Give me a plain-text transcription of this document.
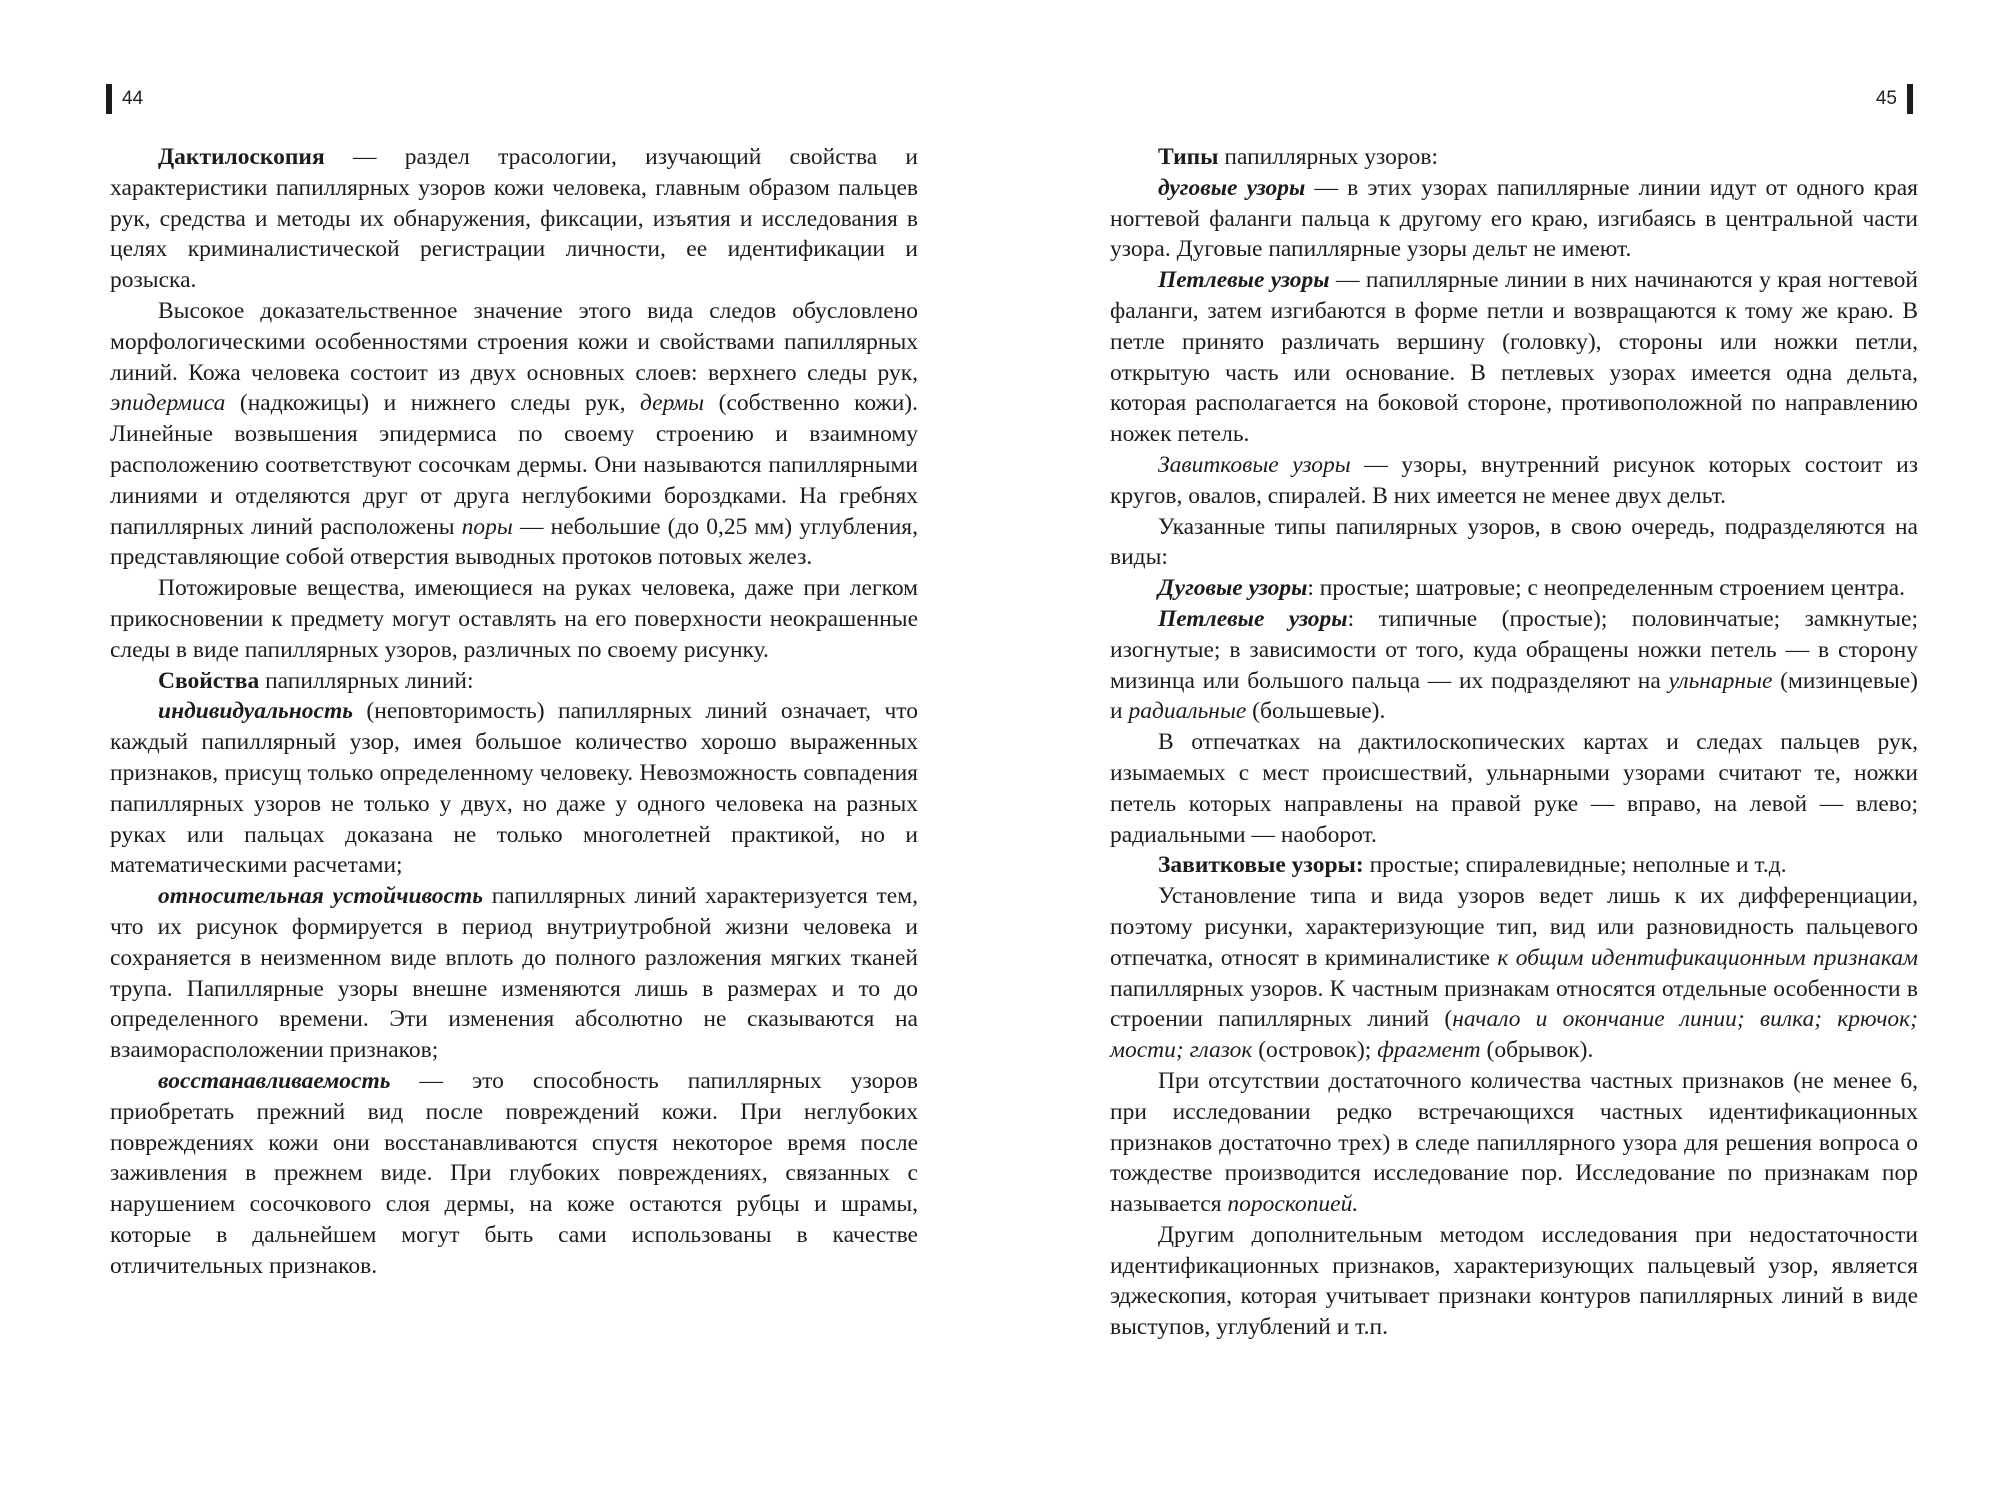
44

Дактилоскопия — раздел трасологии, изучающий свойства и характеристики папиллярных узоров кожи человека, главным образом пальцев рук, средства и методы их обнаружения, фиксации, изъятия и исследования в целях криминалистической регистрации личности, ее идентификации и розыска.

Высокое доказательственное значение этого вида следов обусловлено морфологическими особенностями строения кожи и свойствами папиллярных линий. Кожа человека состоит из двух основных слоев: верхнего следы рук, эпидермиса (надкожицы) и нижнего следы рук, дермы (собственно кожи). Линейные возвышения эпидермиса по своему строению и взаимному расположению соответствуют сосочкам дермы. Они называются папиллярными линиями и отделяются друг от друга неглубокими бороздками. На гребнях папиллярных линий расположены поры — небольшие (до 0,25 мм) углубления, представляющие собой отверстия выводных протоков потовых желез.

Потожировые вещества, имеющиеся на руках человека, даже при легком прикосновении к предмету могут оставлять на его поверхности неокрашенные следы в виде папиллярных узоров, различных по своему рисунку.

Свойства папиллярных линий:

индивидуальность (неповторимость) папиллярных линий означает, что каждый папиллярный узор, имея большое количество хорошо выраженных признаков, присущ только определенному человеку. Невозможность совпадения папиллярных узоров не только у двух, но даже у одного человека на разных руках или пальцах доказана не только многолетней практикой, но и математическими расчетами;

относительная устойчивость папиллярных линий характеризуется тем, что их рисунок формируется в период внутриутробной жизни человека и сохраняется в неизменном виде вплоть до полного разложения мягких тканей трупа. Папиллярные узоры внешне изменяются лишь в размерах и то до определенного времени. Эти изменения абсолютно не сказываются на взаиморасположении признаков;

восстанавливаемость — это способность папиллярных узоров приобретать прежний вид после повреждений кожи. При неглубоких повреждениях кожи они восстанавливаются спустя некоторое время после заживления в прежнем виде. При глубоких повреждениях, связанных с нарушением сосочкового слоя дермы, на коже остаются рубцы и шрамы, которые в дальнейшем могут быть сами использованы в качестве отличительных признаков.

45

Типы папиллярных узоров:

дуговые узоры — в этих узорах папиллярные линии идут от одного края ногтевой фаланги пальца к другому его краю, изгибаясь в центральной части узора. Дуговые папиллярные узоры дельт не имеют.

Петлевые узоры — папиллярные линии в них начинаются у края ногтевой фаланги, затем изгибаются в форме петли и возвращаются к тому же краю. В петле принято различать вершину (головку), стороны или ножки петли, открытую часть или основание. В петлевых узорах имеется одна дельта, которая располагается на боковой стороне, противоположной по направлению ножек петель.

Завитковые узоры — узоры, внутренний рисунок которых состоит из кругов, овалов, спиралей. В них имеется не менее двух дельт.

Указанные типы папилярных узоров, в свою очередь, подразделяются на виды:

Дуговые узоры: простые; шатровые; с неопределенным строением центра.

Петлевые узоры: типичные (простые); половинчатые; замкнутые; изогнутые; в зависимости от того, куда обращены ножки петель — в сторону мизинца или большого пальца — их подразделяют на ульнарные (мизинцевые) и радиальные (большевые).

В отпечатках на дактилоскопических картах и следах пальцев рук, изымаемых с мест происшествий, ульнарными узорами считают те, ножки петель которых направлены на правой руке — вправо, на левой — влево; радиальными — наоборот.

Завитковые узоры: простые; спиралевидные; неполные и т.д.

Установление типа и вида узоров ведет лишь к их дифференциации, поэтому рисунки, характеризующие тип, вид или разновидность пальцевого отпечатка, относят в криминалистике к общим идентификационным признакам папиллярных узоров. К частным признакам относятся отдельные особенности в строении папиллярных линий (начало и окончание линии; вилка; крючок; мости; глазок (островок); фрагмент (обрывок).

При отсутствии достаточного количества частных признаков (не менее 6, при исследовании редко встречающихся частных идентификационных признаков достаточно трех) в следе папиллярного узора для решения вопроса о тождестве производится исследование пор. Исследование по признакам пор называется пороскопией.

Другим дополнительным методом исследования при недостаточности идентификационных признаков, характеризующих пальцевый узор, является эджескопия, которая учитывает признаки контуров папиллярных линий в виде выступов, углублений и т.п.
